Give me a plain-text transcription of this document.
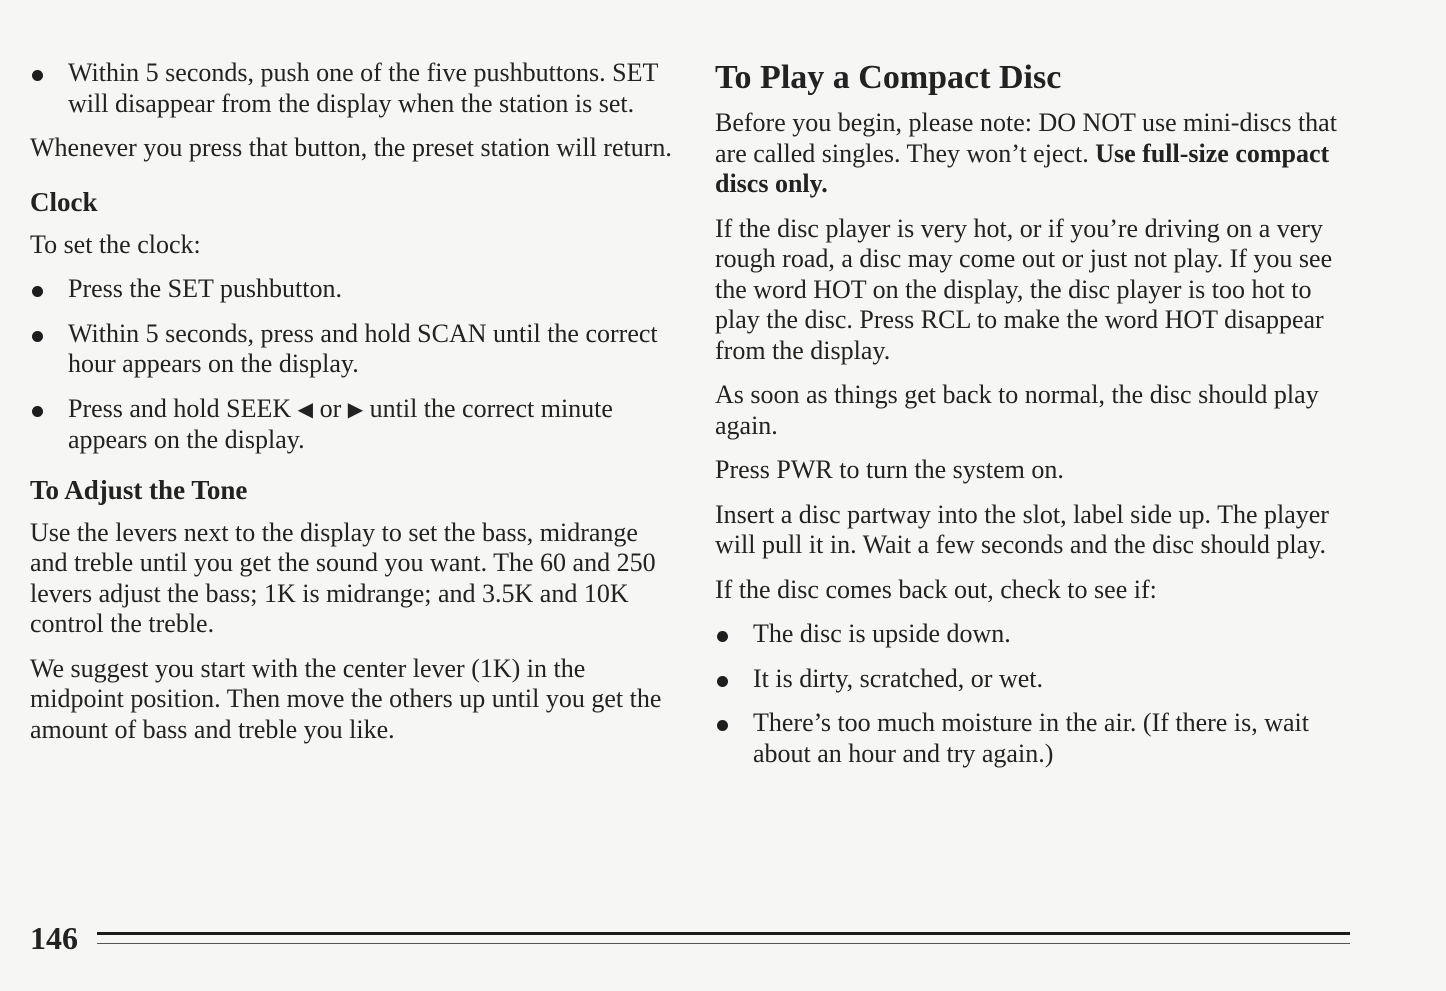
Within 5 seconds, push one of the five pushbuttons. SET will disappear from the display when the station is set.

Whenever you press that button, the preset station will return.

Clock

To set the clock:

Press the SET pushbutton.
Within 5 seconds, press and hold SCAN until the correct hour appears on the display.
Press and hold SEEK ◀ or ▶ until the correct minute appears on the display.
To Adjust the Tone

Use the levers next to the display to set the bass, midrange and treble until you get the sound you want. The 60 and 250 levers adjust the bass; 1K is midrange; and 3.5K and 10K control the treble.

We suggest you start with the center lever (1K) in the midpoint position. Then move the others up until you get the amount of bass and treble you like.

To Play a Compact Disc

Before you begin, please note: DO NOT use mini-discs that are called singles. They won’t eject. Use full-size compact discs only.

If the disc player is very hot, or if you’re driving on a very rough road, a disc may come out or just not play. If you see the word HOT on the display, the disc player is too hot to play the disc. Press RCL to make the word HOT disappear from the display.

As soon as things get back to normal, the disc should play again.

Press PWR to turn the system on.

Insert a disc partway into the slot, label side up. The player will pull it in. Wait a few seconds and the disc should play.

If the disc comes back out, check to see if:

The disc is upside down.
It is dirty, scratched, or wet.
There’s too much moisture in the air. (If there is, wait about an hour and try again.)
146
